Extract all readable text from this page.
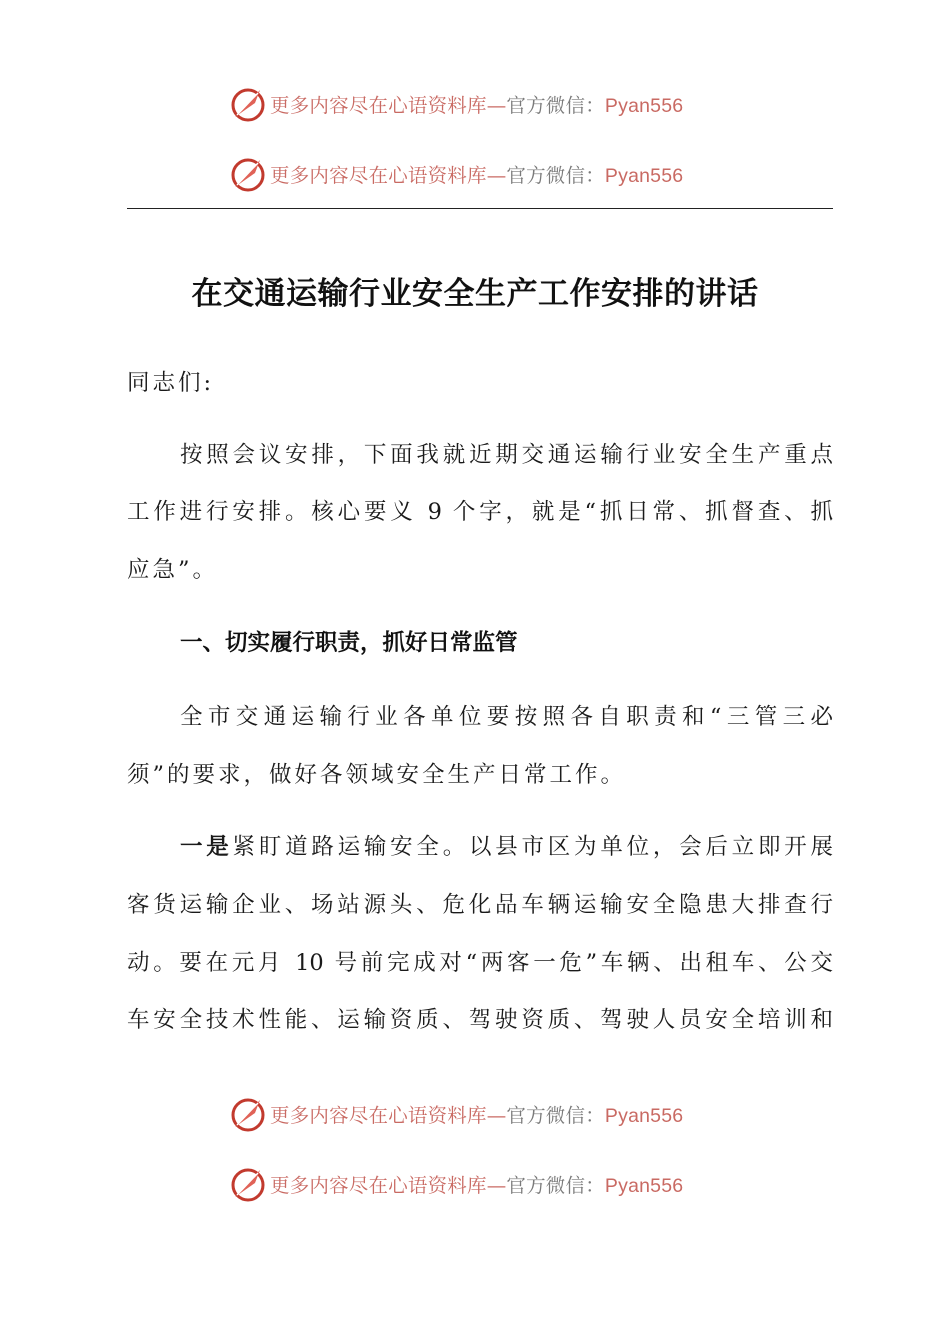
更多内容尽在心语资料库—官方微信：Pyan556
更多内容尽在心语资料库—官方微信：Pyan556
在交通运输行业安全生产工作安排的讲话
同志们:
按照会议安排，下面我就近期交通运输行业安全生产重点
工作进行安排。核心要义 9 个字，就是“抓日常、抓督查、抓
应急”。
一、切实履行职责，抓好日常监管
全市交通运输行业各单位要按照各自职责和“三管三必
须”的要求，做好各领域安全生产日常工作。
一是紧盯道路运输安全。以县市区为单位，会后立即开展
客货运输企业、场站源头、危化品车辆运输安全隐患大排查行
动。要在元月 10 号前完成对“两客一危”车辆、出租车、公交
车安全技术性能、运输资质、驾驶资质、驾驶人员安全培训和
更多内容尽在心语资料库—官方微信：Pyan556
更多内容尽在心语资料库—官方微信：Pyan556
